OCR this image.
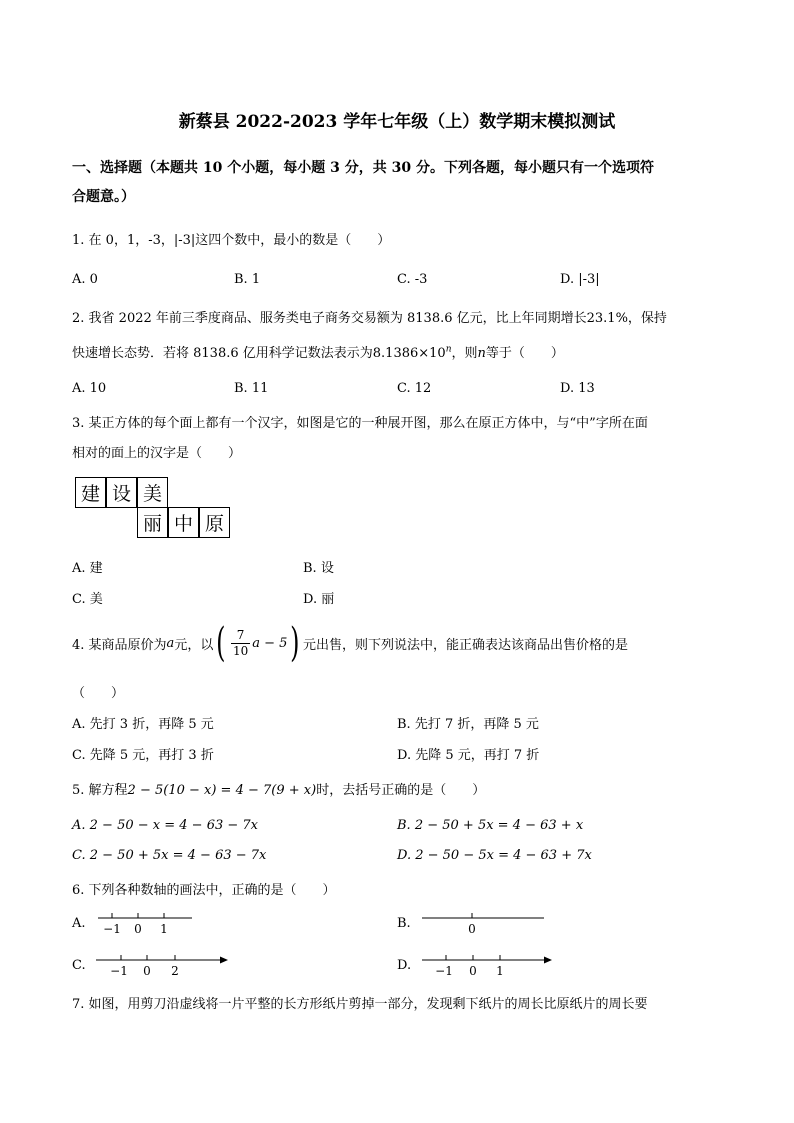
新蔡县 2022-2023 学年七年级（上）数学期末模拟测试
一、选择题（本题共 10 个小题，每小题 3 分，共 30 分。下列各题，每小题只有一个选项符
合题意。）
1. 在 0，1，-3，|-3|这四个数中，最小的数是（　　）
A. 0	B. 1	C. -3	D. |-3|
2. 我省 2022 年前三季度商品、服务类电子商务交易额为 8138.6 亿元，比上年同期增长23.1%，保持
快速增长态势．若将 8138.6 亿用科学记数法表示为$8.1386\times 10^n$，则n等于（　　）
A. 10	B. 11	C. 12	D. 13
3. 某正方体的每个面上都有一个汉字，如图是它的一种展开图，那么在原正方体中，与“中”字所在面
相对的面上的汉字是（　　）
建 设 美
丽 中 原
A. 建	B. 设
C. 美	D. 丽
4. 某商品原价为 a 元，以 ( 7
10 a − 5 ) 元出售，则下列说法中，能正确表达该商品出售价格的是
（　　）
A. 先打 3 折，再降 5 元	B. 先打 7 折，再降 5 元
C. 先降 5 元，再打 3 折	D. 先降 5 元，再打 7 折
5. 解方程2 − 5(10 − x) = 4 − 7(9 + x)时，去括号正确的是（　　）
A. 2 − 50 − x = 4 − 63 − 7x	B. 2 − 50 + 5x = 4 − 63 + x
C. 2 − 50 + 5x = 4 − 63 − 7x	D. 2 − 50 − 5x = 4 − 63 + 7x
6. 下列各种数轴的画法中，正确的是（　　）
A. −1 0 1	B.	0
C. −1 0 2	D. −1 0 1
7. 如图，用剪刀沿虚线将一片平整的长方形纸片剪掉一部分，发现剩下纸片的周长比原纸片的周长要
